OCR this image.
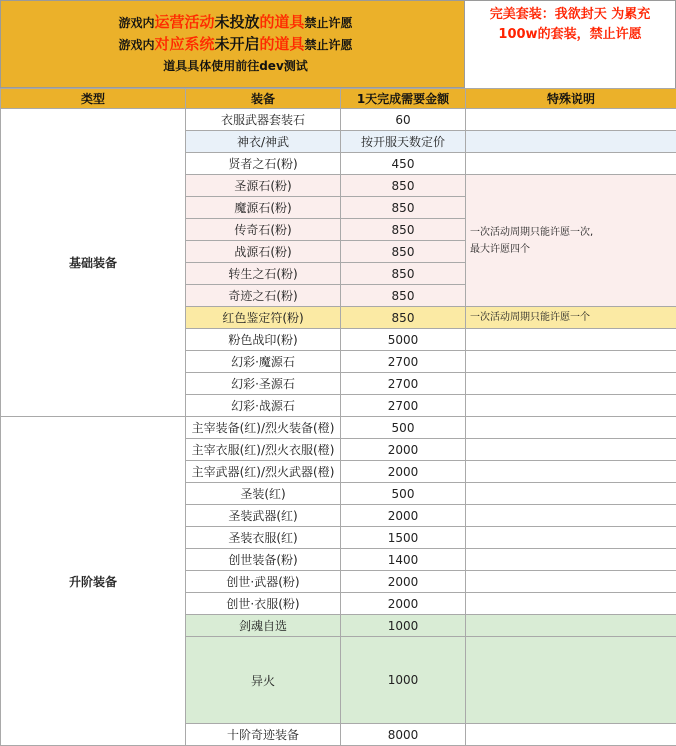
游戏内运营活动未投放的道具禁止许愿
游戏内对应系统未开启的道具禁止许愿
道具具体使用前往dev测试
完美套装：我欲封天 为累充
100w的套装，禁止许愿
类型	装备	1天完成需要金额	特殊说明
基础装备	衣服武器套装石	60	
	神衣/神武	按开服天数定价	
	贤者之石(粉)	450	
	圣源石(粉)	850	一次活动周期只能许愿一次,
最大许愿四个
	魔源石(粉)	850	
	传奇石(粉)	850	
	战源石(粉)	850	
	转生之石(粉)	850	
	奇迹之石(粉)	850	
	红色鉴定符(粉)	850	一次活动周期只能许愿一个
	粉色战印(粉)	5000	
	幻彩·魔源石	2700	
	幻彩·圣源石	2700	
	幻彩·战源石	2700	
升阶装备	主宰装备(红)/烈火装备(橙)	500	
	主宰衣服(红)/烈火衣服(橙)	2000	
	主宰武器(红)/烈火武器(橙)	2000	
	圣装(红)	500	
	圣装武器(红)	2000	
	圣装衣服(红)	1500	
	创世装备(粉)	1400	
	创世·武器(粉)	2000	
	创世·衣服(粉)	2000	
	剑魂自选	1000	
	异火	1000	
	十阶奇迹装备	8000	
